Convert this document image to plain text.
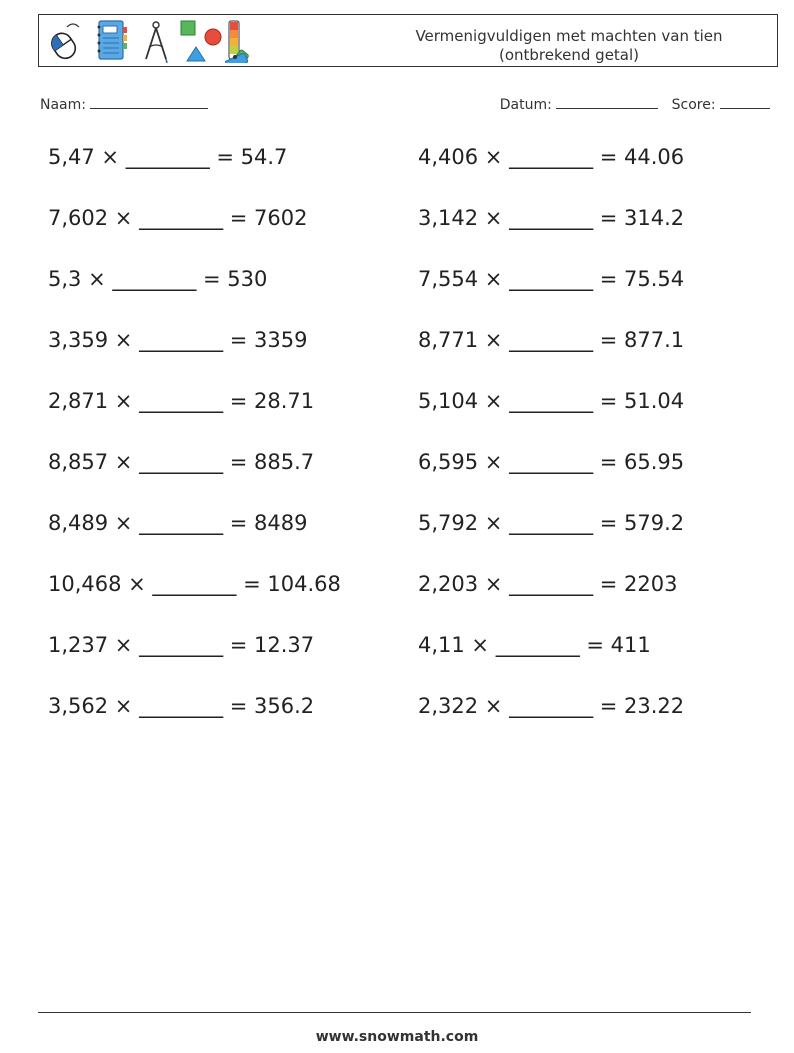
Vermenigvuldigen met machten van tien
(ontbrekend getal)
Naam:	Datum:	Score:
5,47 × ________ = 54.7	4,406 × ________ = 44.06
7,602 × ________ = 7602	3,142 × ________ = 314.2
5,3 × ________ = 530	7,554 × ________ = 75.54
3,359 × ________ = 3359	8,771 × ________ = 877.1
2,871 × ________ = 28.71	5,104 × ________ = 51.04
8,857 × ________ = 885.7	6,595 × ________ = 65.95
8,489 × ________ = 8489	5,792 × ________ = 579.2
10,468 × ________ = 104.68	2,203 × ________ = 2203
1,237 × ________ = 12.37	4,11 × ________ = 411
3,562 × ________ = 356.2	2,322 × ________ = 23.22
www.snowmath.com
